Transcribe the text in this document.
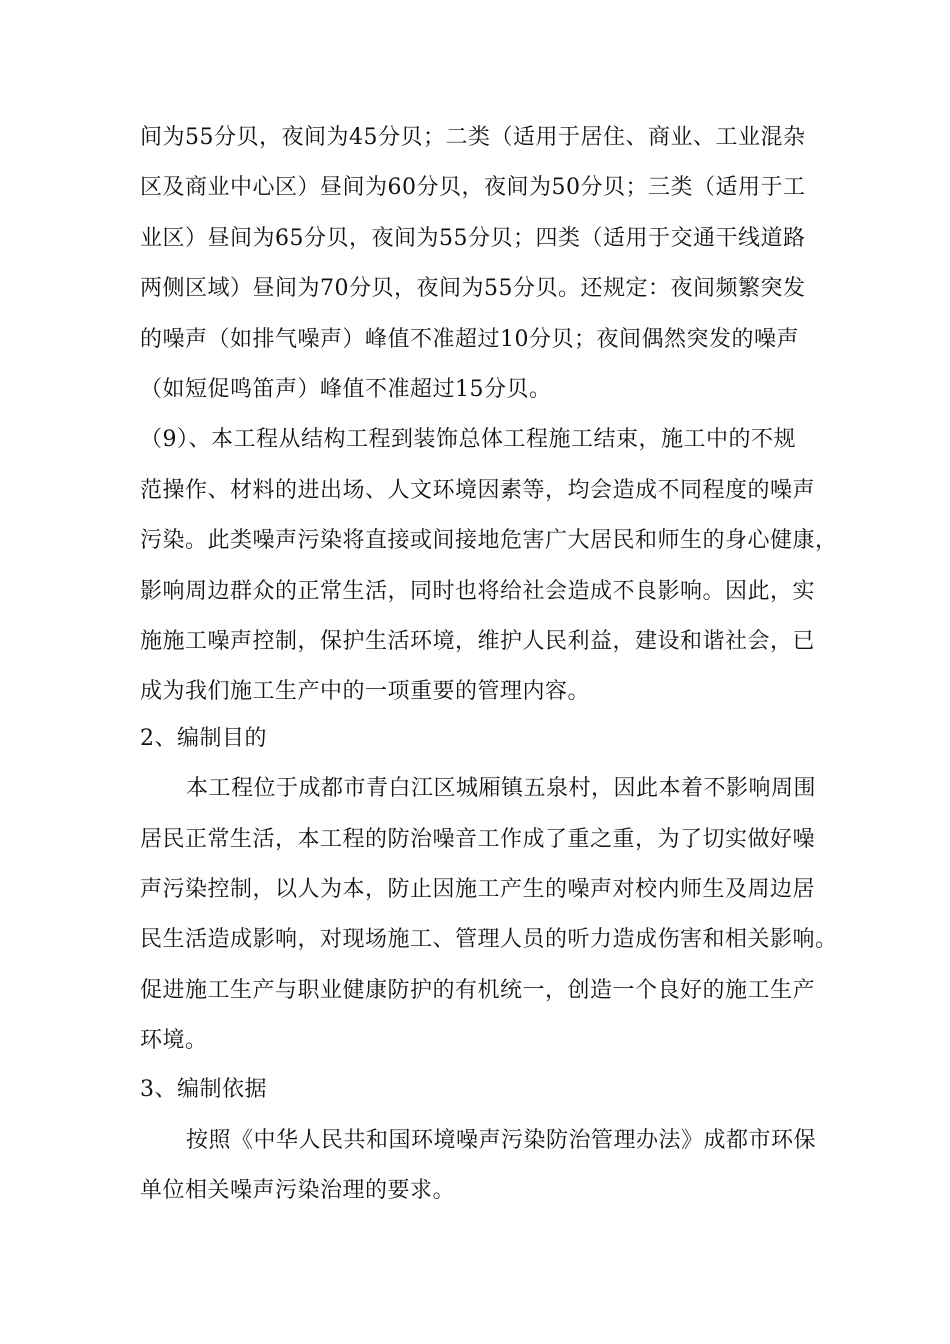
间为55分贝，夜间为45分贝；二类（适用于居住、商业、工业混杂
区及商业中心区）昼间为60分贝，夜间为50分贝；三类（适用于工
业区）昼间为65分贝，夜间为55分贝；四类（适用于交通干线道路
两侧区域）昼间为70分贝，夜间为55分贝。还规定：夜间频繁突发
的噪声（如排气噪声）峰值不准超过10分贝；夜间偶然突发的噪声
（如短促鸣笛声）峰值不准超过15分贝。
（9）、本工程从结构工程到装饰总体工程施工结束，施工中的不规
范操作、材料的进出场、人文环境因素等，均会造成不同程度的噪声
污染。此类噪声污染将直接或间接地危害广大居民和师生的身心健康，
影响周边群众的正常生活，同时也将给社会造成不良影响。因此，实
施施工噪声控制，保护生活环境，维护人民利益，建设和谐社会，已
成为我们施工生产中的一项重要的管理内容。
2、编制目的
本工程位于成都市青白江区城厢镇五泉村，因此本着不影响周围
居民正常生活，本工程的防治噪音工作成了重之重，为了切实做好噪
声污染控制，以人为本，防止因施工产生的噪声对校内师生及周边居
民生活造成影响，对现场施工、管理人员的听力造成伤害和相关影响。
促进施工生产与职业健康防护的有机统一，创造一个良好的施工生产
环境。
3、编制依据
按照《中华人民共和国环境噪声污染防治管理办法》成都市环保
单位相关噪声污染治理的要求。
